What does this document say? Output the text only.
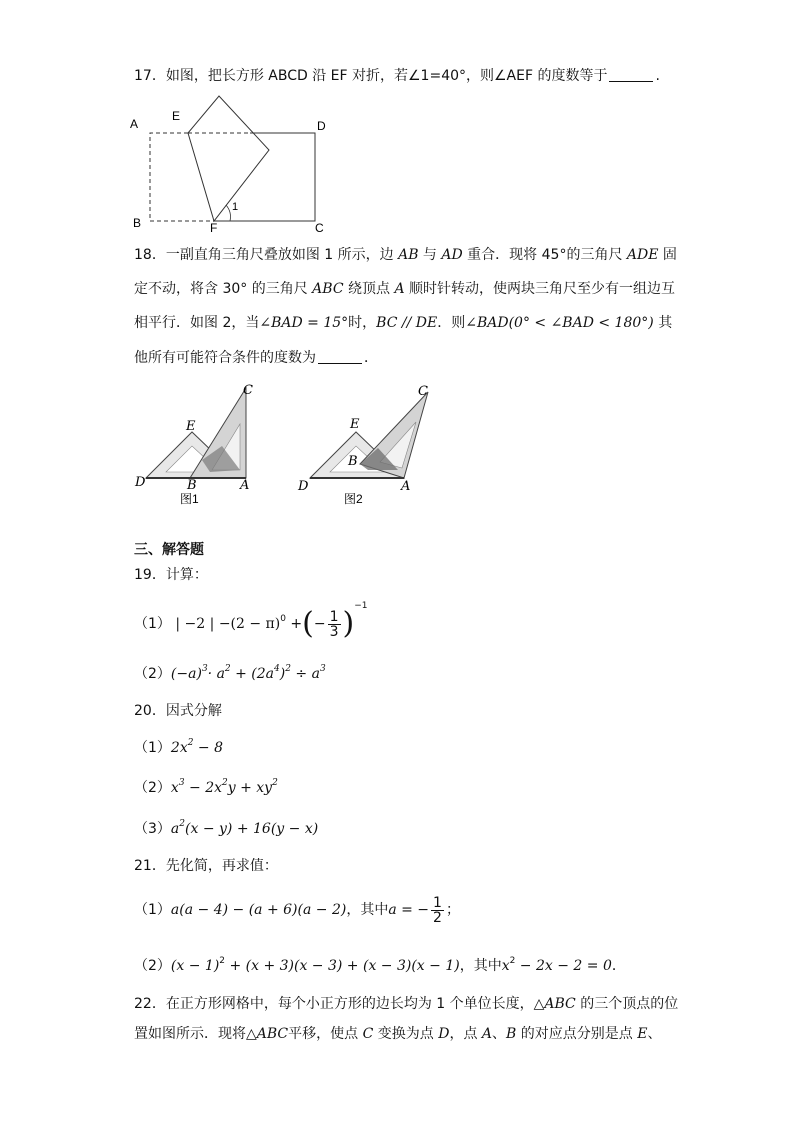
17．如图，把长方形 ABCD 沿 EF 对折，若∠1=40°，则∠AEF 的度数等于	.
A
E
D
B	F	C
1
18．一副直角三角尺叠放如图 1 所示，边 AB 与 AD 重合．现将 45°的三角尺 ADE 固
定不动，将含 30° 的三角尺 ABC 绕顶点 A 顺时针转动，使两块三角尺至少有一组边互
相平行．如图 2，当∠BAD = 15°时，BC // DE．则∠BAD(0° < ∠BAD < 180°) 其
他所有可能符合条件的度数为	．
C
E
D	B	A
图1
C
E
B
D	A
图2
三、解答题
19．计算：
（1） | −2 | $-(2 - \pi)^0$ +(− $\frac{1}{3} )^{-1}$
$(2)(-a)^3\cdot a^2 + (2a^4)^2 \div a^3$
20．因式分解
$(1)2x^2 - 8$
$(2)x^3 - 2x^2y + xy^2$
$(3)a^2(x - y) + 16(y - x)$
21．先化简，再求值：
（1）a(a − 4) − (a + 6)(a − 2)，其中a = − $\frac{1}{2}$ ；
$(2)(x - 1)^2 + (x + 3)(x - 3) + (x - 3)(x - 1)$，其中$x^2 - 2x - 2 = 0$．
22．在正方形网格中，每个小正方形的边长均为 1 个单位长度，△ABC 的三个顶点的位
置如图所示．现将△ABC平移，使点 C 变换为点 D，点 A、B 的对应点分别是点 E、
